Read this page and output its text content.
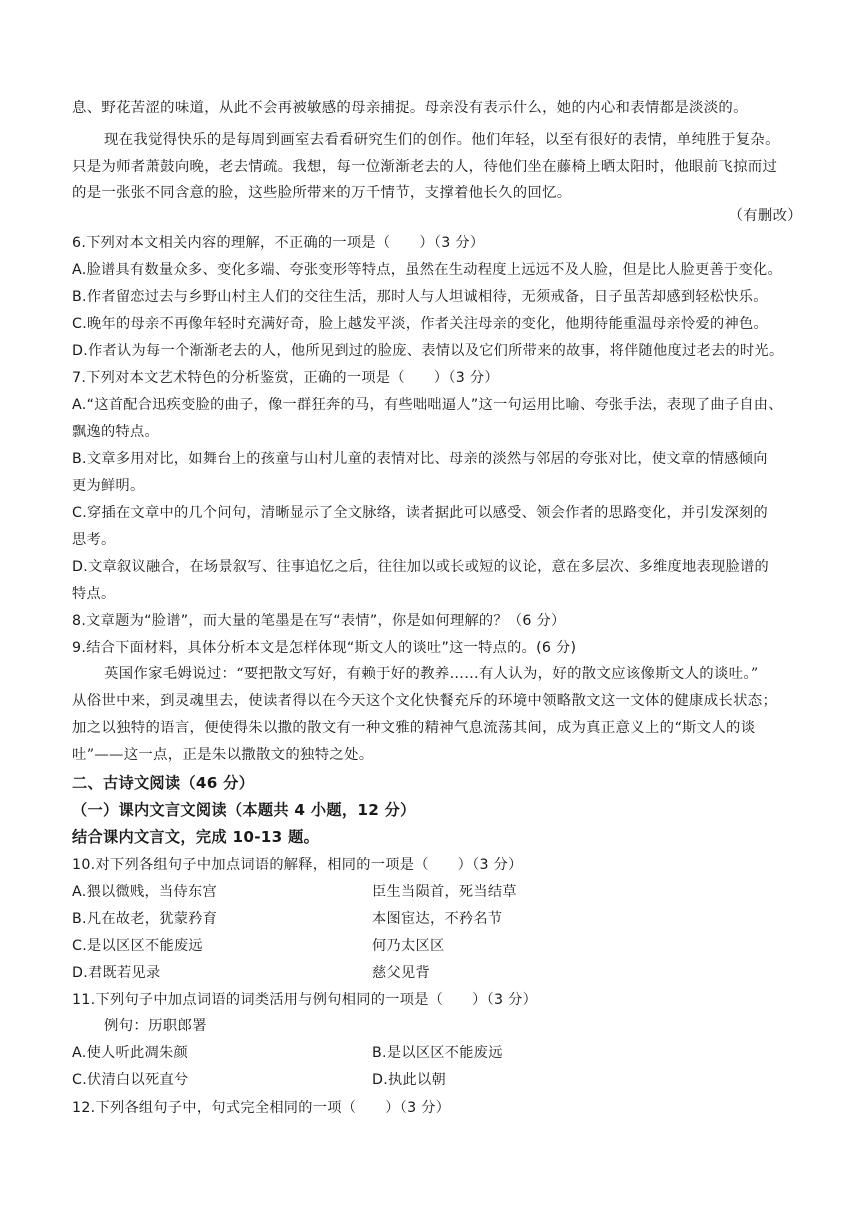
息、野花苦涩的味道，从此不会再被敏感的母亲捕捉。母亲没有表示什么，她的内心和表情都是淡淡的。
现在我觉得快乐的是每周到画室去看看研究生们的创作。他们年轻，以至有很好的表情，单纯胜于复杂。
只是为师者萧鼓向晚，老去情疏。我想，每一位渐渐老去的人，待他们坐在藤椅上晒太阳时，他眼前飞掠而过
的是一张张不同含意的脸，这些脸所带来的万千情节，支撑着他长久的回忆。
（有删改）
6.下列对本文相关内容的理解，不正确的一项是（　　）（3 分）
A.脸谱具有数量众多、变化多端、夸张变形等特点，虽然在生动程度上远远不及人脸，但是比人脸更善于变化。
B.作者留恋过去与乡野山村主人们的交往生活，那时人与人坦诚相待，无须戒备，日子虽苦却感到轻松快乐。
C.晚年的母亲不再像年轻时充满好奇，脸上越发平淡，作者关注母亲的变化，他期待能重温母亲怜爱的神色。
D.作者认为每一个渐渐老去的人，他所见到过的脸庞、表情以及它们所带来的故事，将伴随他度过老去的时光。
7.下列对本文艺术特色的分析鉴赏，正确的一项是（　　）（3 分）
A.“这首配合迅疾变脸的曲子，像一群狂奔的马，有些咄咄逼人”这一句运用比喻、夸张手法，表现了曲子自由、
飘逸的特点。
B.文章多用对比，如舞台上的孩童与山村儿童的表情对比、母亲的淡然与邻居的夸张对比，使文章的情感倾向
更为鲜明。
C.穿插在文章中的几个问句，清晰显示了全文脉络，读者据此可以感受、领会作者的思路变化，并引发深刻的
思考。
D.文章叙议融合，在场景叙写、往事追忆之后，往往加以或长或短的议论，意在多层次、多维度地表现脸谱的
特点。
8.文章题为“脸谱”，而大量的笔墨是在写“表情”，你是如何理解的？（6 分）
9.结合下面材料，具体分析本文是怎样体现“斯文人的谈吐”这一特点的。(6 分)
英国作家毛姆说过：“要把散文写好，有赖于好的教养……有人认为，好的散文应该像斯文人的谈吐。”
从俗世中来，到灵魂里去，使读者得以在今天这个文化快餐充斥的环境中领略散文这一文体的健康成长状态；
加之以独特的语言，便使得朱以撒的散文有一种文雅的精神气息流荡其间，成为真正意义上的“斯文人的谈
吐”——这一点，正是朱以撒散文的独特之处。
二、古诗文阅读（46 分）
（一）课内文言文阅读（本题共 4 小题，12 分）
结合课内文言文，完成 10-13 题。
10.对下列各组句子中加点词语的解释，相同的一项是（　　）（3 分）
A.猥以微贱，当侍东宫	臣生当陨首，死当结草
B.凡在故老，犹蒙矜育	本图宦达，不矜名节
C.是以区区不能废远	何乃太区区
D.君既若见录	慈父见背
11.下列句子中加点词语的词类活用与例句相同的一项是（　　）（3 分）
例句：历职郎署
A.使人听此凋朱颜	B.是以区区不能废远
C.伏清白以死直兮	D.执此以朝
12.下列各组句子中，句式完全相同的一项（　　）（3 分）
